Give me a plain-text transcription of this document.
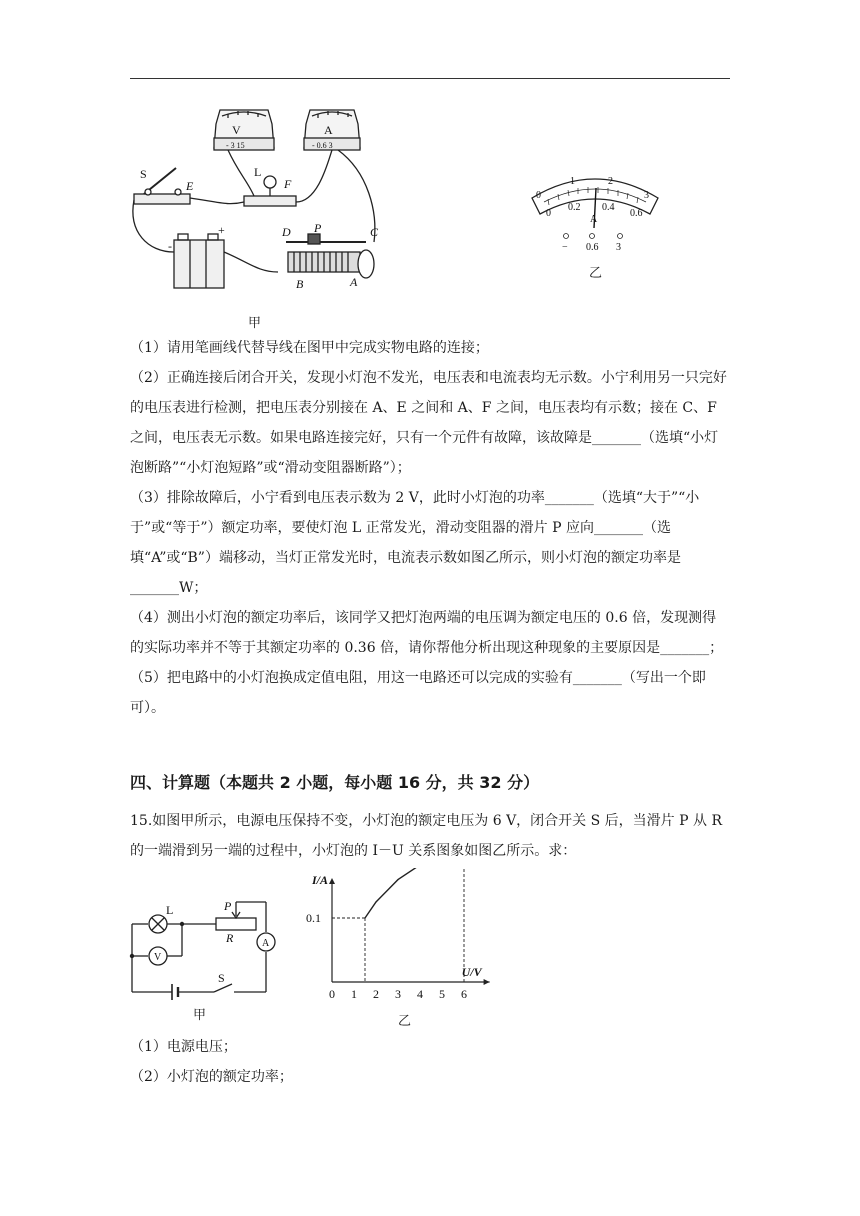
V	A
- 3 15	- 0.6 3
S
E
L
F
D P	C
B	A
-
+
甲
0
1	2
3
0
0.2 0.4
0.6
A
− 0.6 3
乙

（1）请用笔画线代替导线在图甲中完成实物电路的连接；

（2）正确连接后闭合开关，发现小灯泡不发光，电压表和电流表均无示数。小宁利用另一只完好的电压表进行检测，把电压表分别接在 A、E 之间和 A、F 之间，电压表均有示数；接在 C、F 之间，电压表无示数。如果电路连接完好，只有一个元件有故障，该故障是_______（选填“小灯泡断路”“小灯泡短路”或“滑动变阻器断路”）；

（3）排除故障后，小宁看到电压表示数为 2 V，此时小灯泡的功率_______（选填“大于”“小于”或“等于”）额定功率，要使灯泡 L 正常发光，滑动变阻器的滑片 P 应向_______（选填“A”或“B”）端移动，当灯正常发光时，电流表示数如图乙所示，则小灯泡的额定功率是_______W；

（4）测出小灯泡的额定功率后，该同学又把灯泡两端的电压调为额定电压的 0.6 倍，发现测得的实际功率并不等于其额定功率的 0.36 倍，请你帮他分析出现这种现象的主要原因是_______；

（5）把电路中的小灯泡换成定值电阻，用这一电路还可以完成的实验有_______（写出一个即可）。

四、计算题（本题共 2 小题，每小题 16 分，共 32 分）

15.如图甲所示，电源电压保持不变，小灯泡的额定电压为 6 V，闭合开关 S 后，当滑片 P 从 R 的一端滑到另一端的过程中，小灯泡的 I－U 关系图象如图乙所示。求：

L	P
R	A
V
S
甲
0 1 2 3 4 5 6
0.1
I/A
U/V
乙

（1）电源电压；

（2）小灯泡的额定功率；
